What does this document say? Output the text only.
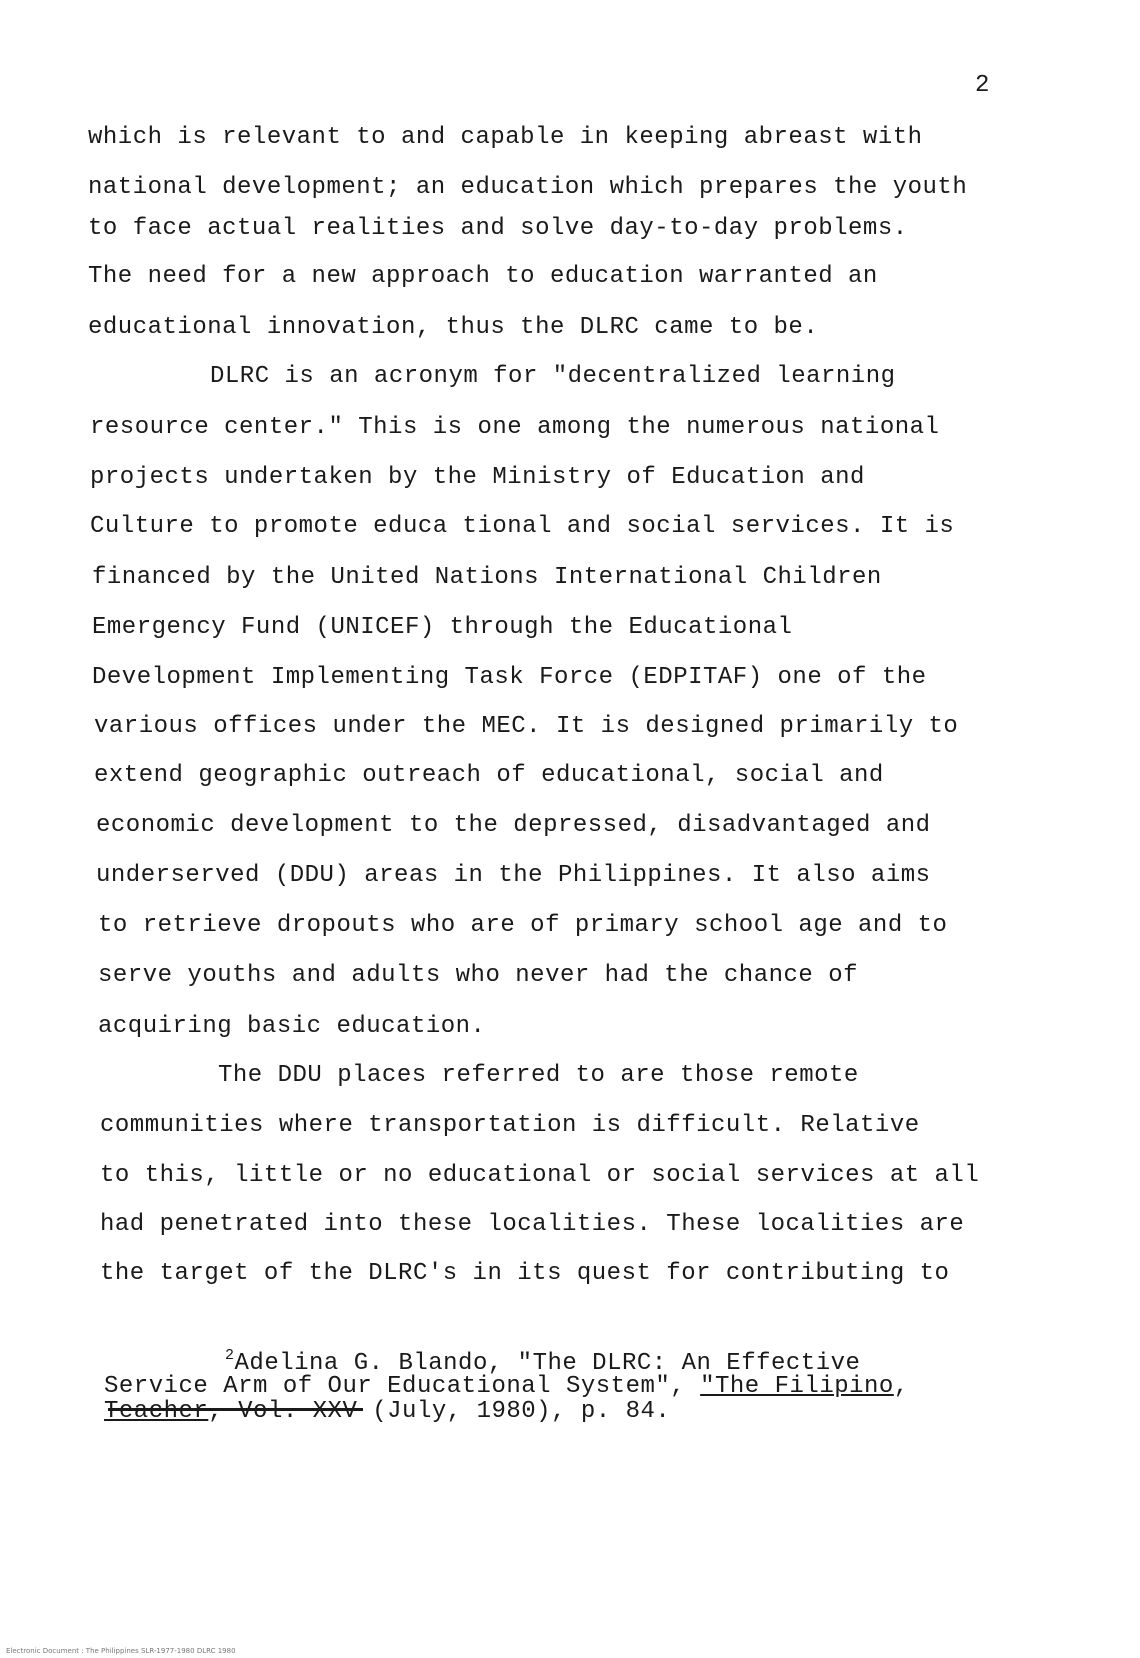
2
which is relevant to and capable in keeping abreast with
national development; an education which prepares the youth
to face actual realities and solve day-to-day problems.
The need for a new approach to education warranted an
educational innovation, thus the DLRC came to be.
DLRC is an acronym for "decentralized learning
resource center." This is one among the numerous national
projects undertaken by the Ministry of Education and
Culture to promote educa tional and social services. It is
financed by the United Nations International Children
Emergency Fund (UNICEF) through the Educational
Development Implementing Task Force (EDPITAF) one of the
various offices under the MEC. It is designed primarily to
extend geographic outreach of educational, social and
economic development to the depressed, disadvantaged and
underserved (DDU) areas in the Philippines. It also aims
to retrieve dropouts who are of primary school age and to
serve youths and adults who never had the chance of
acquiring basic education.
The DDU places referred to are those remote
communities where transportation is difficult. Relative
to this, little or no educational or social services at all
had penetrated into these localities. These localities are
the target of the DLRC's in its quest for contributing to
$^2$Adelina G. Blando, "The DLRC: An Effective
Service Arm of Our Educational System", "The Filipino,
Teacher, Vol. XXV (July, 1980), p. 84.
Electronic Document : The Philippines SLR-1977-1980 DLRC 1980
